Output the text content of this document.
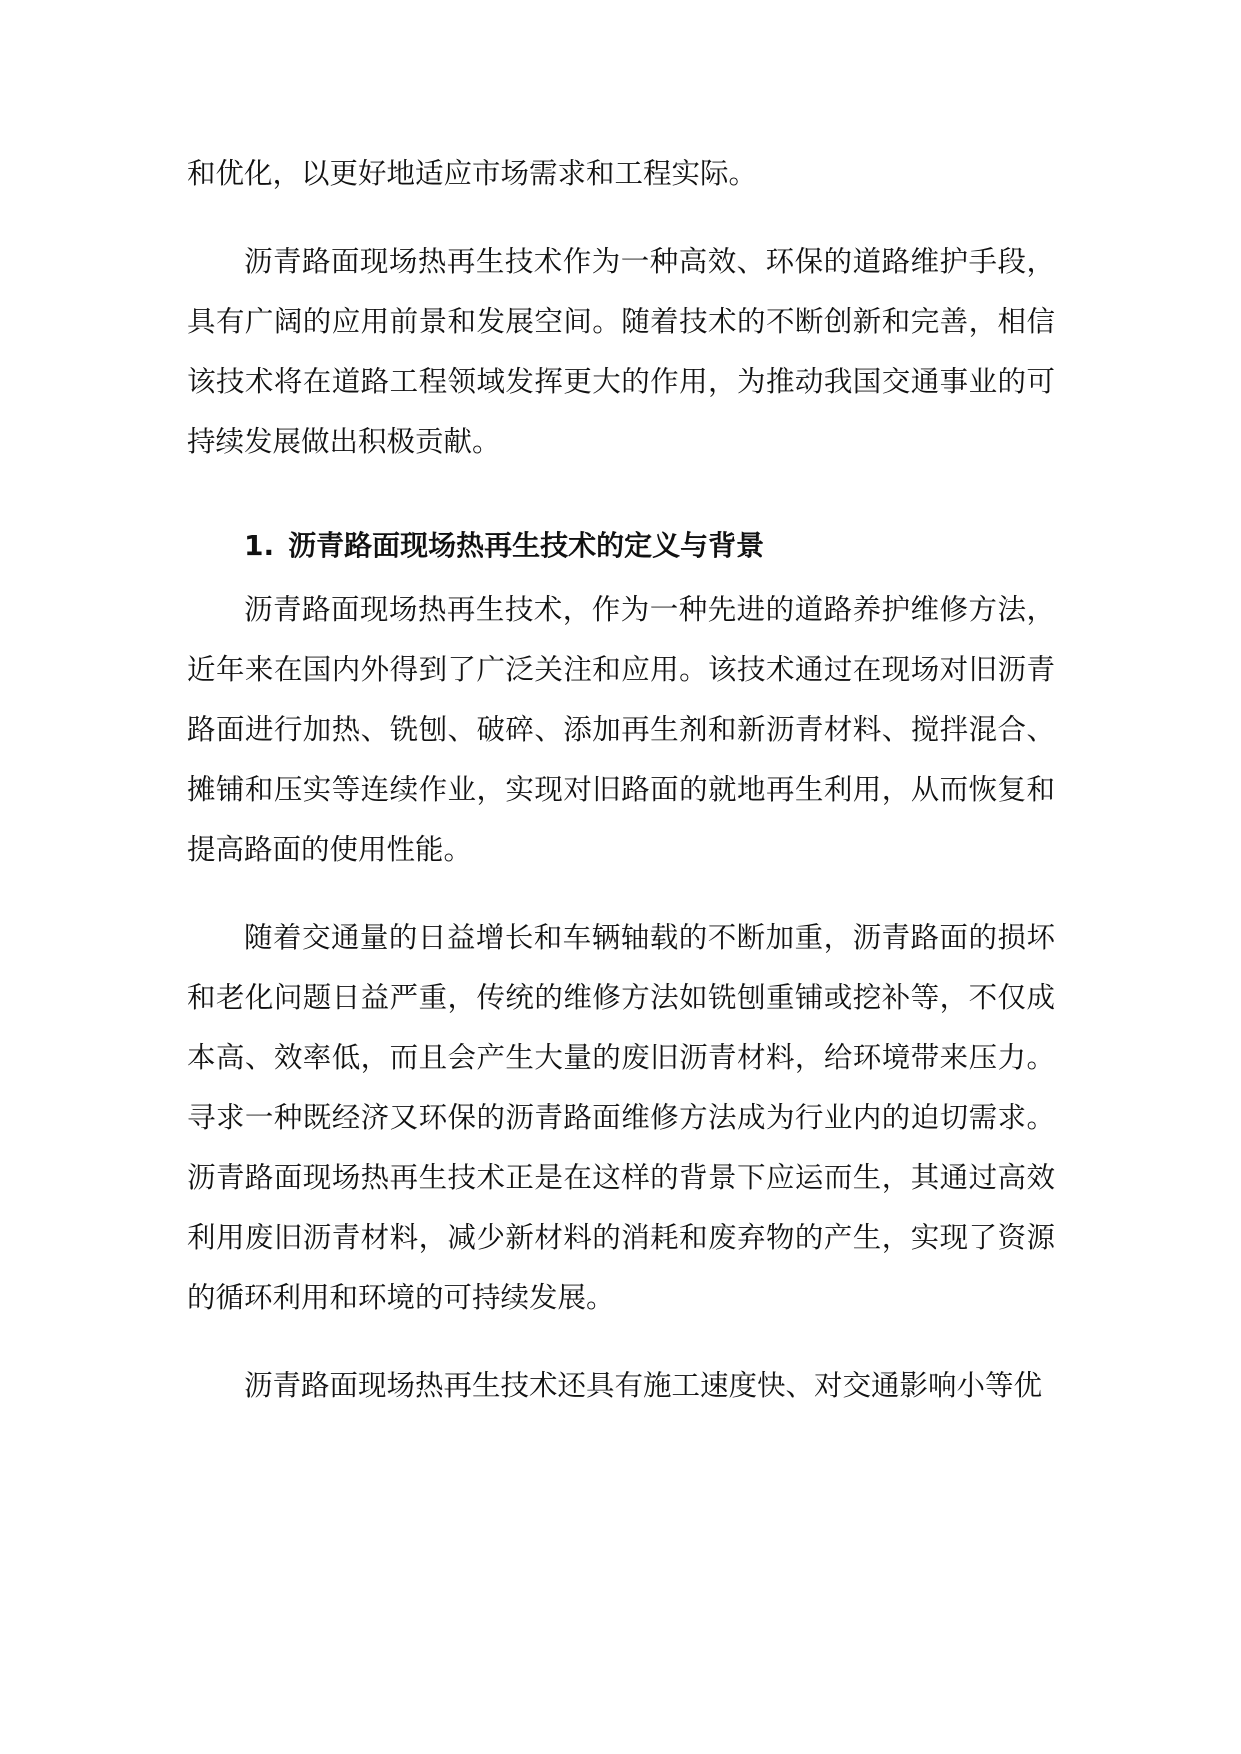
和优化，以更好地适应市场需求和工程实际。

沥青路面现场热再生技术作为一种高效、环保的道路维护手段，具有广阔的应用前景和发展空间。随着技术的不断创新和完善，相信该技术将在道路工程领域发挥更大的作用，为推动我国交通事业的可持续发展做出积极贡献。

1. 沥青路面现场热再生技术的定义与背景

沥青路面现场热再生技术，作为一种先进的道路养护维修方法，近年来在国内外得到了广泛关注和应用。该技术通过在现场对旧沥青路面进行加热、铣刨、破碎、添加再生剂和新沥青材料、搅拌混合、摊铺和压实等连续作业，实现对旧路面的就地再生利用，从而恢复和提高路面的使用性能。

随着交通量的日益增长和车辆轴载的不断加重，沥青路面的损坏和老化问题日益严重，传统的维修方法如铣刨重铺或挖补等，不仅成本高、效率低，而且会产生大量的废旧沥青材料，给环境带来压力。寻求一种既经济又环保的沥青路面维修方法成为行业内的迫切需求。沥青路面现场热再生技术正是在这样的背景下应运而生，其通过高效利用废旧沥青材料，减少新材料的消耗和废弃物的产生，实现了资源的循环利用和环境的可持续发展。

沥青路面现场热再生技术还具有施工速度快、对交通影响小等优
